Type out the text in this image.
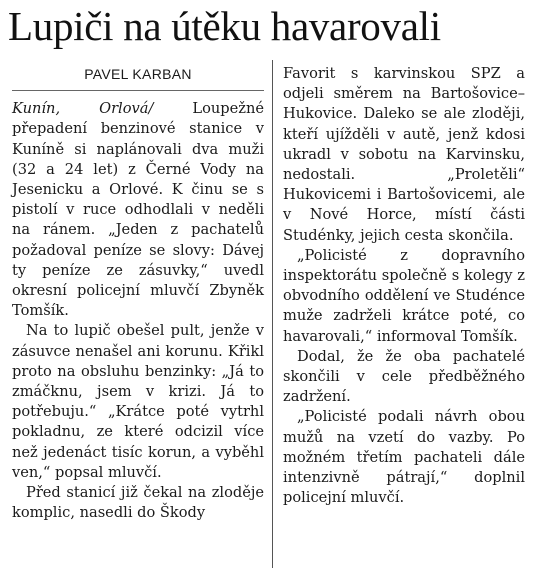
Lupiči na útěku havarovali
PAVEL KARBAN

Kunín, Orlová/	Loupežné přepadení benzinové stanice v Kuníně si naplánovali dva muži (32 a 24 let) z Černé Vody na Jesenicku a Orlové. K činu se s pistolí v ruce odhodlali v neděli na ránem. „Jeden z pachatelů požadoval peníze se slovy: Dávej ty peníze ze zásuvky,“ uvedl okresní policejní mluvčí Zbyněk Tomšík.

Na to lupič obešel pult, jenže v zásuvce nenašel ani korunu. Křikl proto na obsluhu benzinky: „Já to zmáčknu, jsem v krizi. Já to potřebuju.“ „Krátce poté vytrhl pokladnu, ze které odcizil více než jedenáct tisíc korun, a vyběhl ven,“ popsal mluvčí.

Před stanicí již čekal na zloděje komplic, nasedli do Škody

Favorit s karvinskou SPZ a odjeli směrem na Bartošovice–Hukovice. Daleko se ale zloději, kteří ujížděli v autě, jenž kdosi ukradl v sobotu na Karvinsku, nedostali. „Proletěli“ Hukovicemi i Bartošovicemi, ale v Nové Horce, místí části Studénky, jejich cesta skončila.

„Policisté z dopravního inspektorátu společně s kolegy z obvodního oddělení ve Studénce muže zadrželi krátce poté, co havarovali,“ informoval Tomšík.

Dodal, že že oba pachatelé skončili v cele předběžného zadržení.

„Policisté podali návrh obou mužů na vzetí do vazby. Po možném třetím pachateli dále intenzivně pátrají,“ doplnil policejní mluvčí.
